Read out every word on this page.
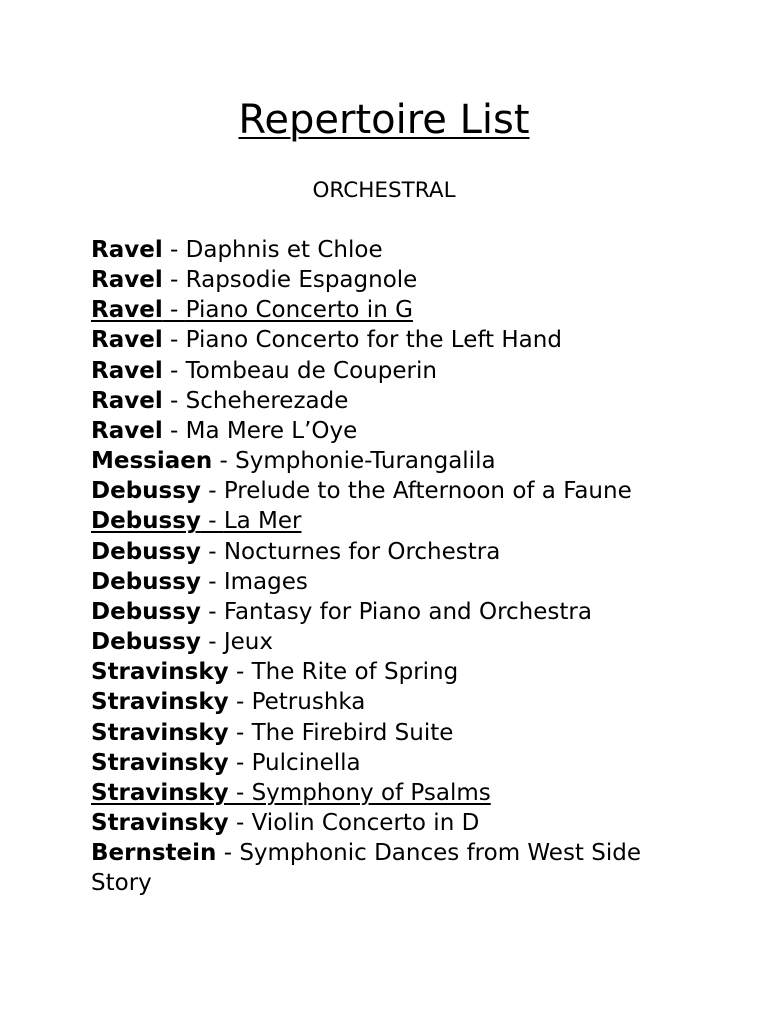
Repertoire List
ORCHESTRAL
Ravel - Daphnis et Chloe
Ravel - Rapsodie Espagnole
Ravel - Piano Concerto in G
Ravel - Piano Concerto for the Left Hand
Ravel - Tombeau de Couperin
Ravel - Scheherezade
Ravel - Ma Mere L’Oye
Messiaen - Symphonie-Turangalila
Debussy - Prelude to the Afternoon of a Faune
Debussy - La Mer
Debussy - Nocturnes for Orchestra
Debussy - Images
Debussy - Fantasy for Piano and Orchestra
Debussy - Jeux
Stravinsky - The Rite of Spring
Stravinsky - Petrushka
Stravinsky - The Firebird Suite
Stravinsky - Pulcinella
Stravinsky - Symphony of Psalms
Stravinsky - Violin Concerto in D
Bernstein - Symphonic Dances from West Side Story
